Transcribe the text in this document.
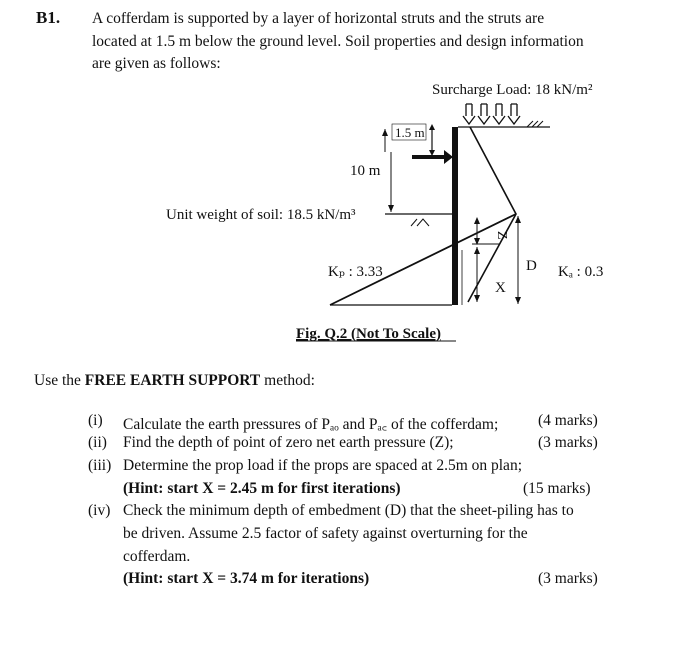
B1. A cofferdam is supported by a layer of horizontal struts and the struts are
located at 1.5 m below the ground level. Soil properties and design information
are given as follows:
Surcharge Load: 18 kN/m²
1.5 m
10 m
Unit weight of soil: 18.5 kN/m³
Kₚ : 3.33
Z
X
D Kₐ : 0.3
Fig. Q.2 (Not To Scale)
Use the FREE EARTH SUPPORT method:
(i) Calculate the earth pressures of Pₐₒ and Pₐ꜀ of the cofferdam;	(4 marks)
(ii) Find the depth of point of zero net earth pressure (Z);	(3 marks)
(iii) Determine the prop load if the props are spaced at 2.5m on plan;
(Hint: start X = 2.45 m for first iterations)	(15 marks)
(iv) Check the minimum depth of embedment (D) that the sheet-piling has to
be driven. Assume 2.5 factor of safety against overturning for the
cofferdam.
(Hint: start X = 3.74 m for iterations)	(3 marks)
